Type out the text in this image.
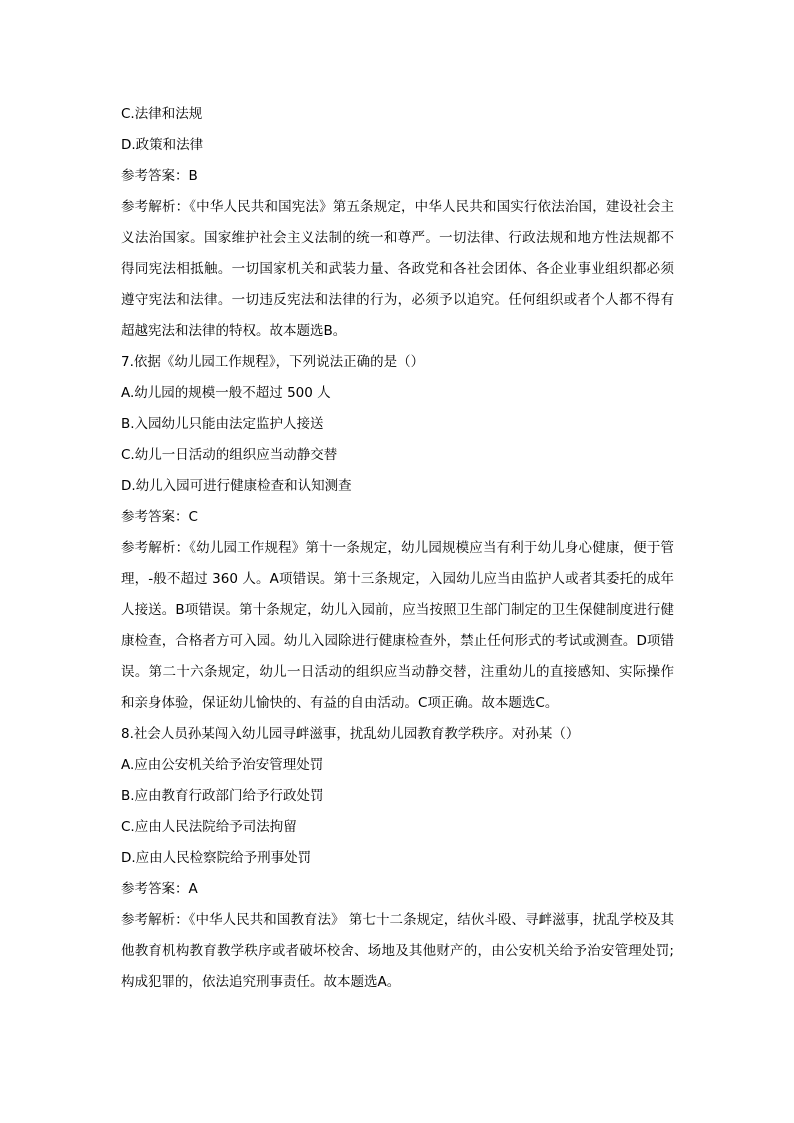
C.法律和法规
D.政策和法律
参考答案：B
参考解析：《中华人民共和国宪法》第五条规定，中华人民共和国实行依法治国，建设社会主义法治国家。国家维护社会主义法制的统一和尊严。一切法律、行政法规和地方性法规都不得同宪法相抵触。一切国家机关和武装力量、各政党和各社会团体、各企业事业组织都必须遵守宪法和法律。一切违反宪法和法律的行为，必须予以追究。任何组织或者个人都不得有超越宪法和法律的特权。故本题选B。
7.依据《幼儿园工作规程》，下列说法正确的是（）
A.幼儿园的规模一般不超过 500 人
B.入园幼儿只能由法定监护人接送
C.幼儿一日活动的组织应当动静交替
D.幼儿入园可进行健康检查和认知测查
参考答案：C
参考解析：《幼儿园工作规程》第十一条规定，幼儿园规模应当有利于幼儿身心健康，便于管理，-般不超过 360 人。A项错误。第十三条规定，入园幼儿应当由监护人或者其委托的成年人接送。B项错误。第十条规定，幼儿入园前，应当按照卫生部门制定的卫生保健制度进行健康检查，合格者方可入园。幼儿入园除进行健康检查外，禁止任何形式的考试或测查。D项错误。第二十六条规定，幼儿一日活动的组织应当动静交替，注重幼儿的直接感知、实际操作和亲身体验，保证幼儿愉快的、有益的自由活动。C项正确。故本题选C。
8.社会人员孙某闯入幼儿园寻衅滋事，扰乱幼儿园教育教学秩序。对孙某（）
A.应由公安机关给予治安管理处罚
B.应由教育行政部门给予行政处罚
C.应由人民法院给予司法拘留
D.应由人民检察院给予刑事处罚
参考答案：A
参考解析：《中华人民共和国教育法》 第七十二条规定，结伙斗殴、寻衅滋事，扰乱学校及其他教育机构教育教学秩序或者破坏校舍、场地及其他财产的，由公安机关给予治安管理处罚;构成犯罪的，依法追究刑事责任。故本题选A。
